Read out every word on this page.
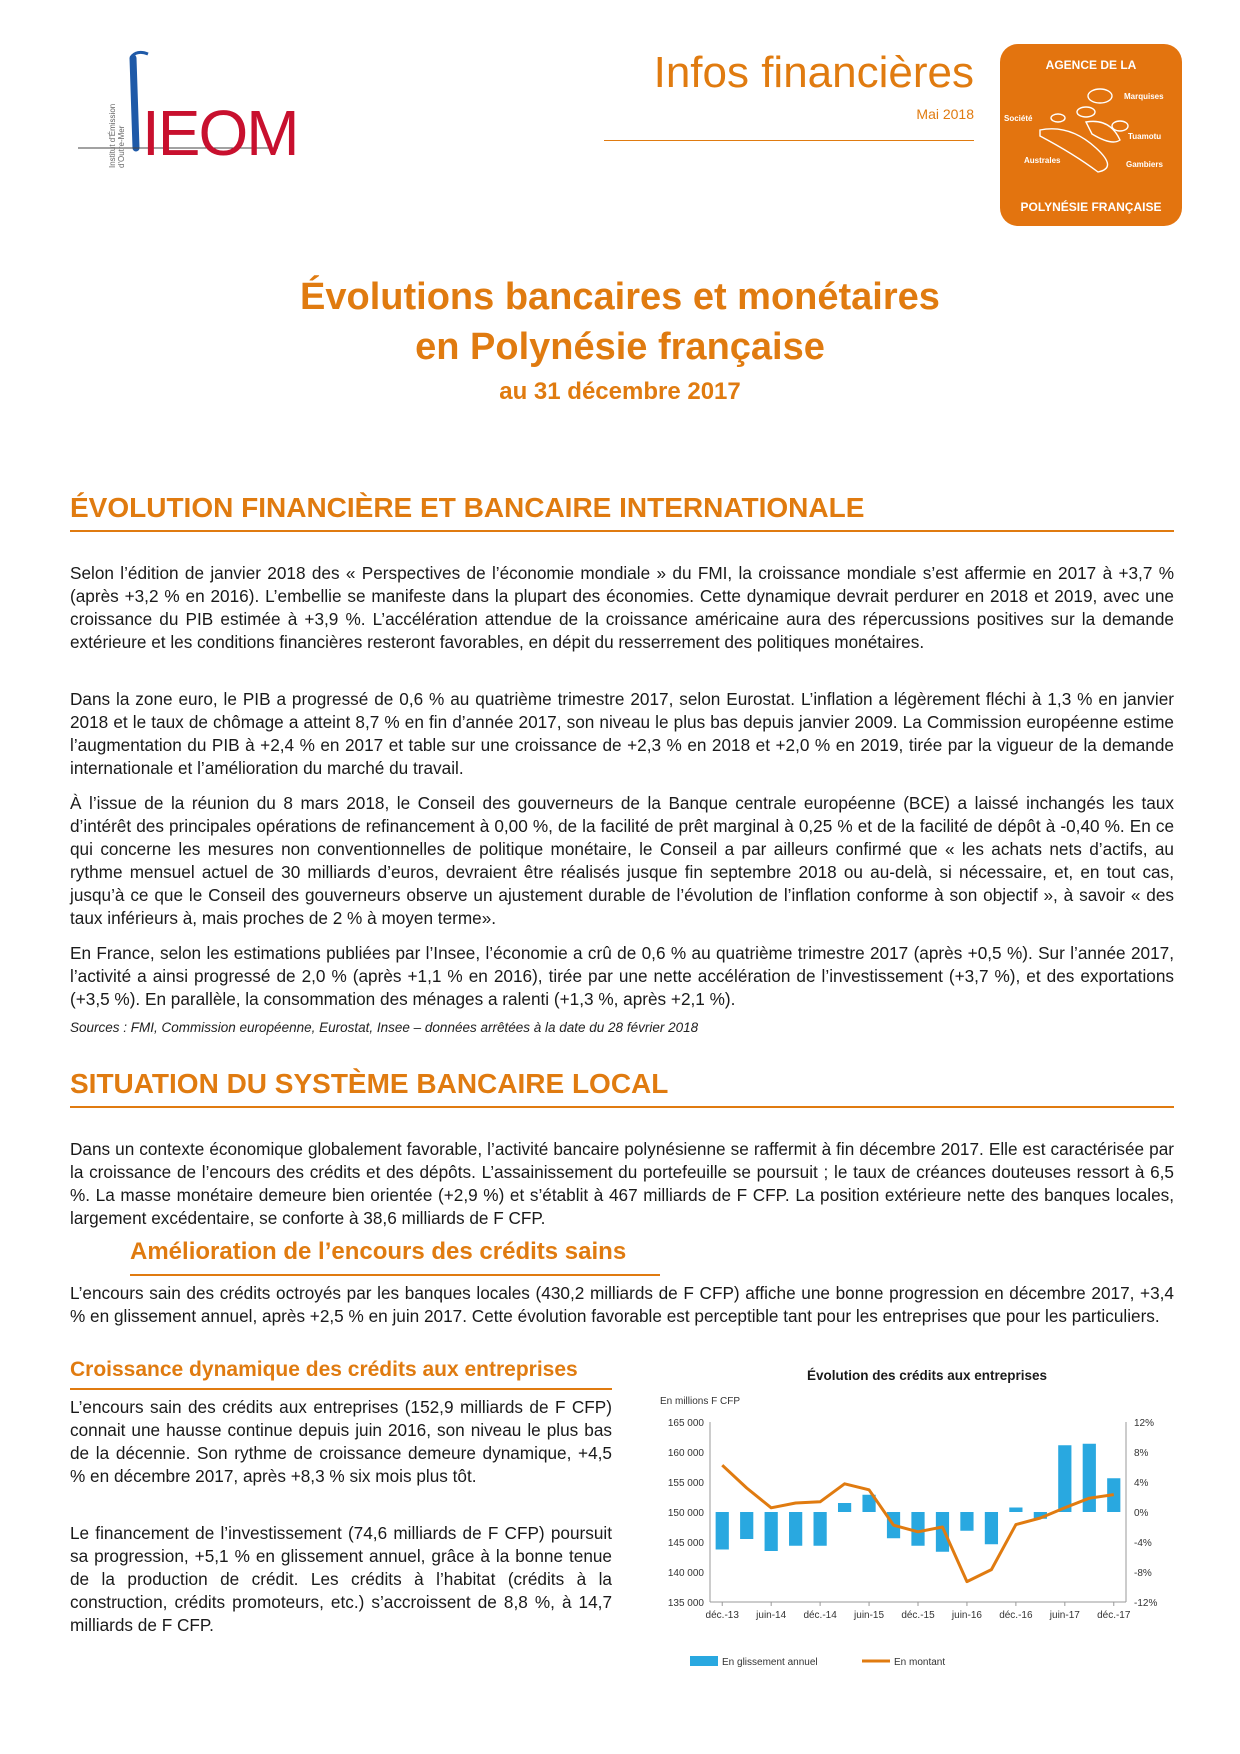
IEOM
Institut d'Émission d'Outre-Mer
Infos financières
Mai 2018
AGENCE DE LA
Marquises
Société
Tuamotu
Australes	Gambiers
POLYNÉSIE FRANÇAISE
Évolutions bancaires et monétaires
en Polynésie française
au 31 décembre 2017
ÉVOLUTION FINANCIÈRE ET BANCAIRE INTERNATIONALE

Selon l’édition de janvier 2018 des « Perspectives de l’économie mondiale » du FMI, la croissance mondiale s’est affermie en 2017 à +3,7 % (après +3,2 % en 2016). L’embellie se manifeste dans la plupart des économies. Cette dynamique devrait perdurer en 2018 et 2019, avec une croissance du PIB estimée à +3,9 %. L’accélération attendue de la croissance américaine aura des répercussions positives sur la demande extérieure et les conditions financières resteront favorables, en dépit du resserrement des politiques monétaires.

Dans la zone euro, le PIB a progressé de 0,6 % au quatrième trimestre 2017, selon Eurostat. L’inflation a légèrement fléchi à 1,3 % en janvier 2018 et le taux de chômage a atteint 8,7 % en fin d’année 2017, son niveau le plus bas depuis janvier 2009. La Commission européenne estime l’augmentation du PIB à +2,4 % en 2017 et table sur une croissance de +2,3 % en 2018 et +2,0 % en 2019, tirée par la vigueur de la demande internationale et l’amélioration du marché du travail.

À l’issue de la réunion du 8 mars 2018, le Conseil des gouverneurs de la Banque centrale européenne (BCE) a laissé inchangés les taux d’intérêt des principales opérations de refinancement à 0,00 %, de la facilité de prêt marginal à 0,25 % et de la facilité de dépôt à -0,40 %. En ce qui concerne les mesures non conventionnelles de politique monétaire, le Conseil a par ailleurs confirmé que « les achats nets d’actifs, au rythme mensuel actuel de 30 milliards d’euros, devraient être réalisés jusque fin septembre 2018 ou au-delà, si nécessaire, et, en tout cas, jusqu’à ce que le Conseil des gouverneurs observe un ajustement durable de l’évolution de l’inflation conforme à son objectif », à savoir « des taux inférieurs à, mais proches de 2 % à moyen terme».

En France, selon les estimations publiées par l’Insee, l’économie a crû de 0,6 % au quatrième trimestre 2017 (après +0,5 %). Sur l’année 2017, l’activité a ainsi progressé de 2,0 % (après +1,1 % en 2016), tirée par une nette accélération de l’investissement (+3,7 %), et des exportations (+3,5 %). En parallèle, la consommation des ménages a ralenti (+1,3 %, après +2,1 %).

Sources : FMI, Commission européenne, Eurostat, Insee – données arrêtées à la date du 28 février 2018
SITUATION DU SYSTÈME BANCAIRE LOCAL

Dans un contexte économique globalement favorable, l’activité bancaire polynésienne se raffermit à fin décembre 2017. Elle est caractérisée par la croissance de l’encours des crédits et des dépôts. L’assainissement du portefeuille se poursuit ; le taux de créances douteuses ressort à 6,5 %. La masse monétaire demeure bien orientée (+2,9 %) et s’établit à 467 milliards de F CFP. La position extérieure nette des banques locales, largement excédentaire, se conforte à 38,6 milliards de F CFP.

Amélioration de l’encours des crédits sains

L’encours sain des crédits octroyés par les banques locales (430,2 milliards de F CFP) affiche une bonne progression en décembre 2017, +3,4 % en glissement annuel, après +2,5 % en juin 2017. Cette évolution favorable est perceptible tant pour les entreprises que pour les particuliers.

Croissance dynamique des crédits aux entreprises

L’encours sain des crédits aux entreprises (152,9 milliards de F CFP) connait une hausse continue depuis juin 2016, son niveau le plus bas de la décennie. Son rythme de croissance demeure dynamique, +4,5 % en décembre 2017, après +8,3 % six mois plus tôt.

Le financement de l’investissement (74,6 milliards de F CFP) poursuit sa progression, +5,1 % en glissement annuel, grâce à la bonne tenue de la production de crédit. Les crédits à l’habitat (crédits à la construction, crédits promoteurs, etc.) s’accroissent de 8,8 %, à 14,7 milliards de F CFP.

Évolution des crédits aux entreprises
En millions F CFP
135 000	-12%
140 000	-8%
145 000	-4%
150 000	0%
155 000	4%
160 000	8%
165 000	12%
déc.-13 juin-14 déc.-14 juin-15 déc.-15 juin-16 déc.-16 juin-17 déc.-17
En glissement annuel	En montant
